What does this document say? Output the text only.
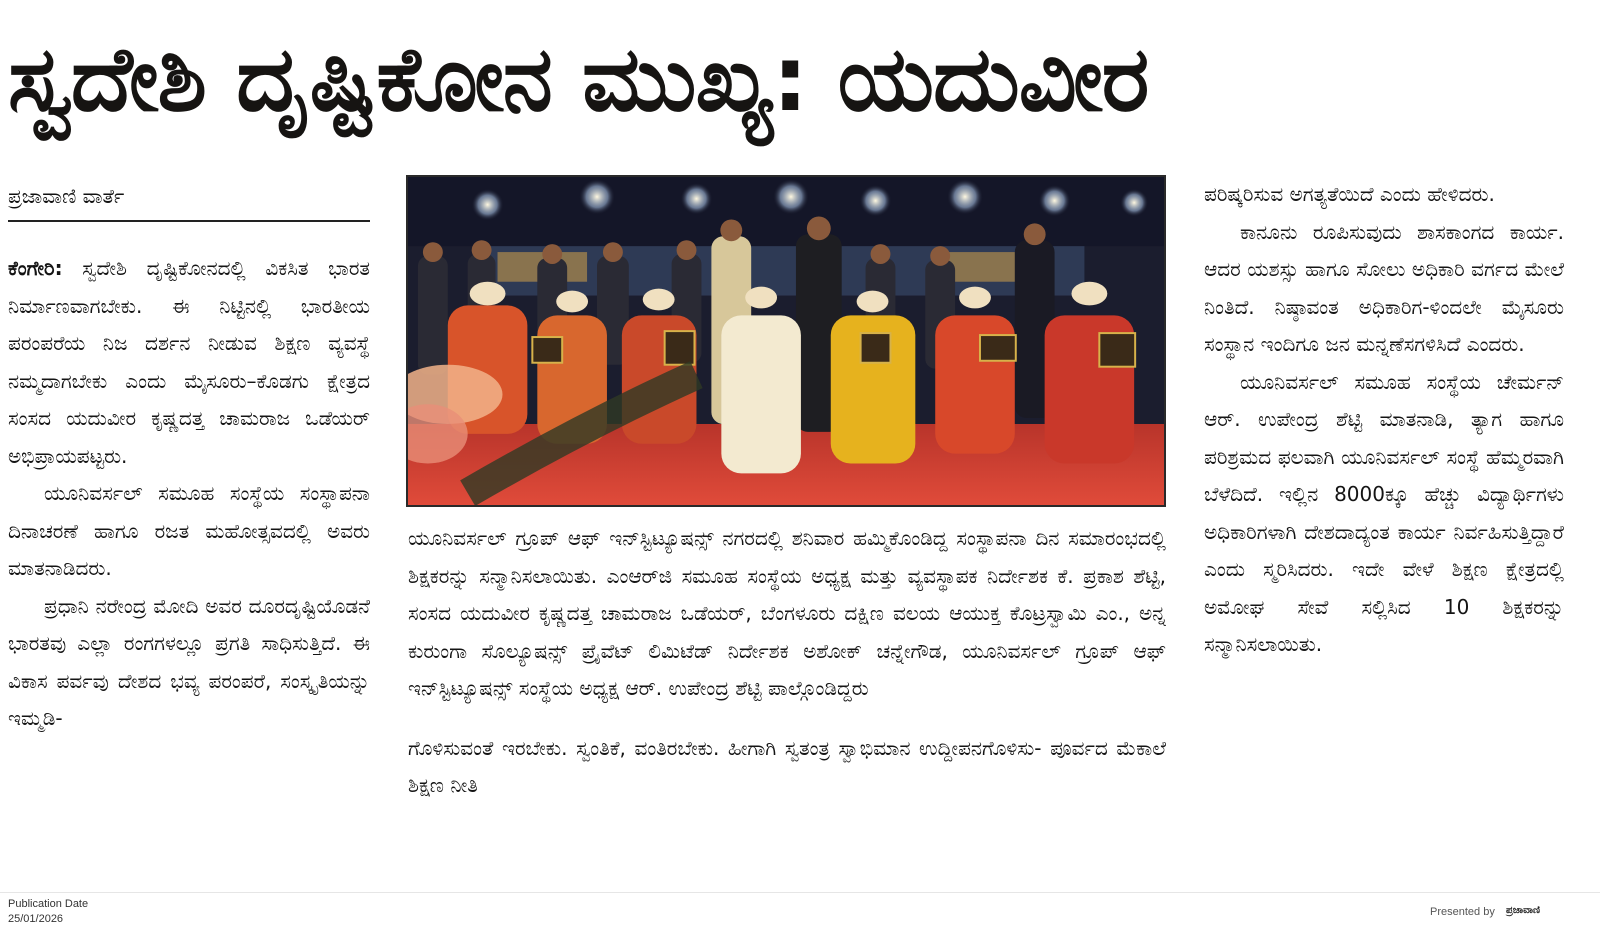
ಸ್ವದೇಶಿ ದೃಷ್ಟಿಕೋನ ಮುಖ್ಯ: ಯದುವೀರ
ಪ್ರಜಾವಾಣಿ ವಾರ್ತೆ

ಕೆಂಗೇರಿ: ಸ್ವದೇಶಿ ದೃಷ್ಟಿಕೋನದಲ್ಲಿ ವಿಕಸಿತ ಭಾರತ ನಿರ್ಮಾಣವಾಗಬೇಕು. ಈ ನಿಟ್ಟಿನಲ್ಲಿ ಭಾರತೀಯ ಪರಂಪರೆಯ ನಿಜ ದರ್ಶನ ನೀಡುವ ಶಿಕ್ಷಣ ವ್ಯವಸ್ಥೆ ನಮ್ಮದಾಗಬೇಕು ಎಂದು ಮೈಸೂರು–ಕೊಡಗು ಕ್ಷೇತ್ರದ ಸಂಸದ ಯದುವೀರ ಕೃಷ್ಣದತ್ತ ಚಾಮರಾಜ ಒಡೆಯರ್ ಅಭಿಪ್ರಾಯಪಟ್ಟರು.

ಯೂನಿವರ್ಸಲ್ ಸಮೂಹ ಸಂಸ್ಥೆಯ ಸಂಸ್ಥಾಪನಾ ದಿನಾಚರಣೆ ಹಾಗೂ ರಜತ ಮಹೋತ್ಸವದಲ್ಲಿ ಅವರು ಮಾತನಾಡಿದರು.

ಪ್ರಧಾನಿ ನರೇಂದ್ರ ಮೋದಿ ಅವರ ದೂರದೃಷ್ಟಿಯೊಡನೆ ಭಾರತವು ಎಲ್ಲಾ ರಂಗಗಳಲ್ಲೂ ಪ್ರಗತಿ ಸಾಧಿಸುತ್ತಿದೆ. ಈ ವಿಕಾಸ ಪರ್ವವು ದೇಶದ ಭವ್ಯ ಪರಂಪರೆ, ಸಂಸ್ಕೃತಿಯನ್ನು ಇಮ್ಮಡಿ-

ಯೂನಿವರ್ಸಲ್ ಗ್ರೂಪ್ ಆಫ್ ಇನ್‌ಸ್ಟಿಟ್ಯೂಷನ್ಸ್ ನಗರದಲ್ಲಿ ಶನಿವಾರ ಹಮ್ಮಿಕೊಂಡಿದ್ದ ಸಂಸ್ಥಾಪನಾ ದಿನ ಸಮಾರಂಭದಲ್ಲಿ ಶಿಕ್ಷಕರನ್ನು ಸನ್ಮಾನಿಸಲಾಯಿತು. ಎಂಆರ್‌ಜಿ ಸಮೂಹ ಸಂಸ್ಥೆಯ ಅಧ್ಯಕ್ಷ ಮತ್ತು ವ್ಯವಸ್ಥಾಪಕ ನಿರ್ದೇಶಕ ಕೆ. ಪ್ರಕಾಶ ಶೆಟ್ಟಿ, ಸಂಸದ ಯದುವೀರ ಕೃಷ್ಣದತ್ತ ಚಾಮರಾಜ ಒಡೆಯರ್, ಬೆಂಗಳೂರು ದಕ್ಷಿಣ ವಲಯ ಆಯುಕ್ತ ಕೊಟ್ರಸ್ವಾಮಿ ಎಂ., ಅನ್ನ ಕುರುಂಗಾ ಸೊಲ್ಯೂಷನ್ಸ್ ಪ್ರೈವೆಟ್ ಲಿಮಿಟೆಡ್ ನಿರ್ದೇಶಕ ಅಶೋಕ್ ಚನ್ನೇಗೌಡ, ಯೂನಿವರ್ಸಲ್ ಗ್ರೂಪ್ ಆಫ್ ಇನ್‌ಸ್ಟಿಟ್ಯೂಷನ್ಸ್ ಸಂಸ್ಥೆಯ ಅಧ್ಯಕ್ಷ ಆರ್. ಉಪೇಂದ್ರ ಶೆಟ್ಟಿ ಪಾಲ್ಗೊಂಡಿದ್ದರು

ಗೊಳಿಸುವಂತೆ ಇರಬೇಕು. ಸ್ವಂತಿಕೆ, ವಂತಿರಬೇಕು. ಹೀಗಾಗಿ ಸ್ವತಂತ್ರ ಸ್ವಾಭಿಮಾನ ಉದ್ದೀಪನಗೊಳಿಸು- ಪೂರ್ವದ ಮೆಕಾಲೆ ಶಿಕ್ಷಣ ನೀತಿ

ಪರಿಷ್ಕರಿಸುವ ಅಗತ್ಯತೆಯಿದೆ ಎಂದು ಹೇಳಿದರು.

ಕಾನೂನು ರೂಪಿಸುವುದು ಶಾಸಕಾಂಗದ ಕಾರ್ಯ. ಆದರ ಯಶಸ್ಸು ಹಾಗೂ ಸೋಲು ಅಧಿಕಾರಿ ವರ್ಗದ ಮೇಲೆ ನಿಂತಿದೆ. ನಿಷ್ಠಾವಂತ ಅಧಿಕಾರಿಗ-ಳಿಂದಲೇ ಮೈಸೂರು ಸಂಸ್ಥಾನ ಇಂದಿಗೂ ಜನ ಮನ್ನಣೆಸಗಳಿಸಿದೆ ಎಂದರು.

ಯೂನಿವರ್ಸಲ್ ಸಮೂಹ ಸಂಸ್ಥೆಯ ಚೇರ್ಮನ್ ಆರ್. ಉಪೇಂದ್ರ ಶೆಟ್ಟಿ ಮಾತನಾಡಿ, ತ್ಯಾಗ ಹಾಗೂ ಪರಿಶ್ರಮದ ಫಲವಾಗಿ ಯೂನಿವರ್ಸಲ್ ಸಂಸ್ಥೆ ಹೆಮ್ಮರವಾಗಿ ಬೆಳೆದಿದೆ. ಇಲ್ಲಿನ 8000ಕ್ಕೂ ಹೆಚ್ಚು ವಿದ್ಯಾರ್ಥಿಗಳು ಅಧಿಕಾರಿಗಳಾಗಿ ದೇಶದಾದ್ಯಂತ ಕಾರ್ಯ ನಿರ್ವಹಿಸುತ್ತಿದ್ದಾರೆ ಎಂದು ಸ್ಮರಿಸಿದರು. ಇದೇ ವೇಳೆ ಶಿಕ್ಷಣ ಕ್ಷೇತ್ರದಲ್ಲಿ ಅಮೋಘ ಸೇವೆ ಸಲ್ಲಿಸಿದ 10 ಶಿಕ್ಷಕರನ್ನು ಸನ್ಮಾನಿಸಲಾಯಿತು.

Publication Date
25/01/2026
Presented by ಪ್ರಜಾವಾಣಿ
